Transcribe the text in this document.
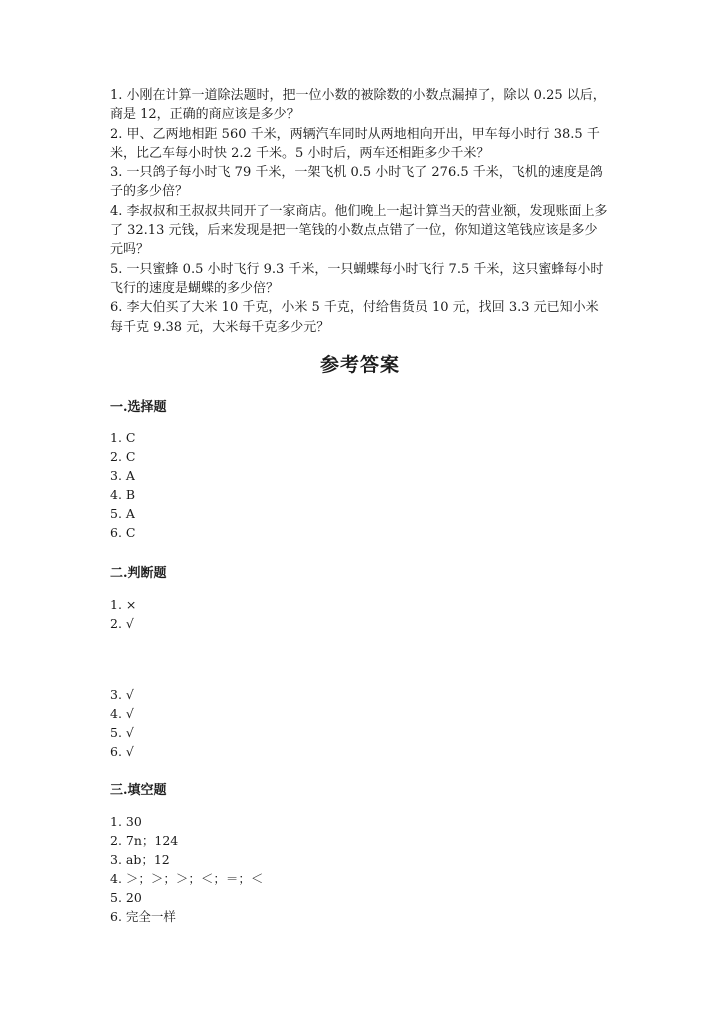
1. 小刚在计算一道除法题时，把一位小数的被除数的小数点漏掉了，除以 0.25 以后，商是 12，正确的商应该是多少？

2. 甲、乙两地相距 560 千米，两辆汽车同时从两地相向开出，甲车每小时行 38.5 千米，比乙车每小时快 2.2 千米。5 小时后，两车还相距多少千米？

3. 一只鸽子每小时飞 79 千米，一架飞机 0.5 小时飞了 276.5 千米，飞机的速度是鸽子的多少倍？

4. 李叔叔和王叔叔共同开了一家商店。他们晚上一起计算当天的营业额，发现账面上多了 32.13 元钱，后来发现是把一笔钱的小数点点错了一位，你知道这笔钱应该是多少元吗？

5. 一只蜜蜂 0.5 小时飞行 9.3 千米，一只蝴蝶每小时飞行 7.5 千米，这只蜜蜂每小时飞行的速度是蝴蝶的多少倍？

6. 李大伯买了大米 10 千克，小米 5 千克，付给售货员 10 元，找回 3.3 元已知小米每千克 9.38 元，大米每千克多少元？

参考答案
一.选择题
1. C
2. C
3. A
4. B
5. A
6. C
二.判断题
1. ×
2. √
3. √
4. √
5. √
6. √
三.填空题
1. 30
2. 7n；124
3. ab；12
4. ＞；＞；＞；＜；＝；＜
5. 20
6. 完全一样
